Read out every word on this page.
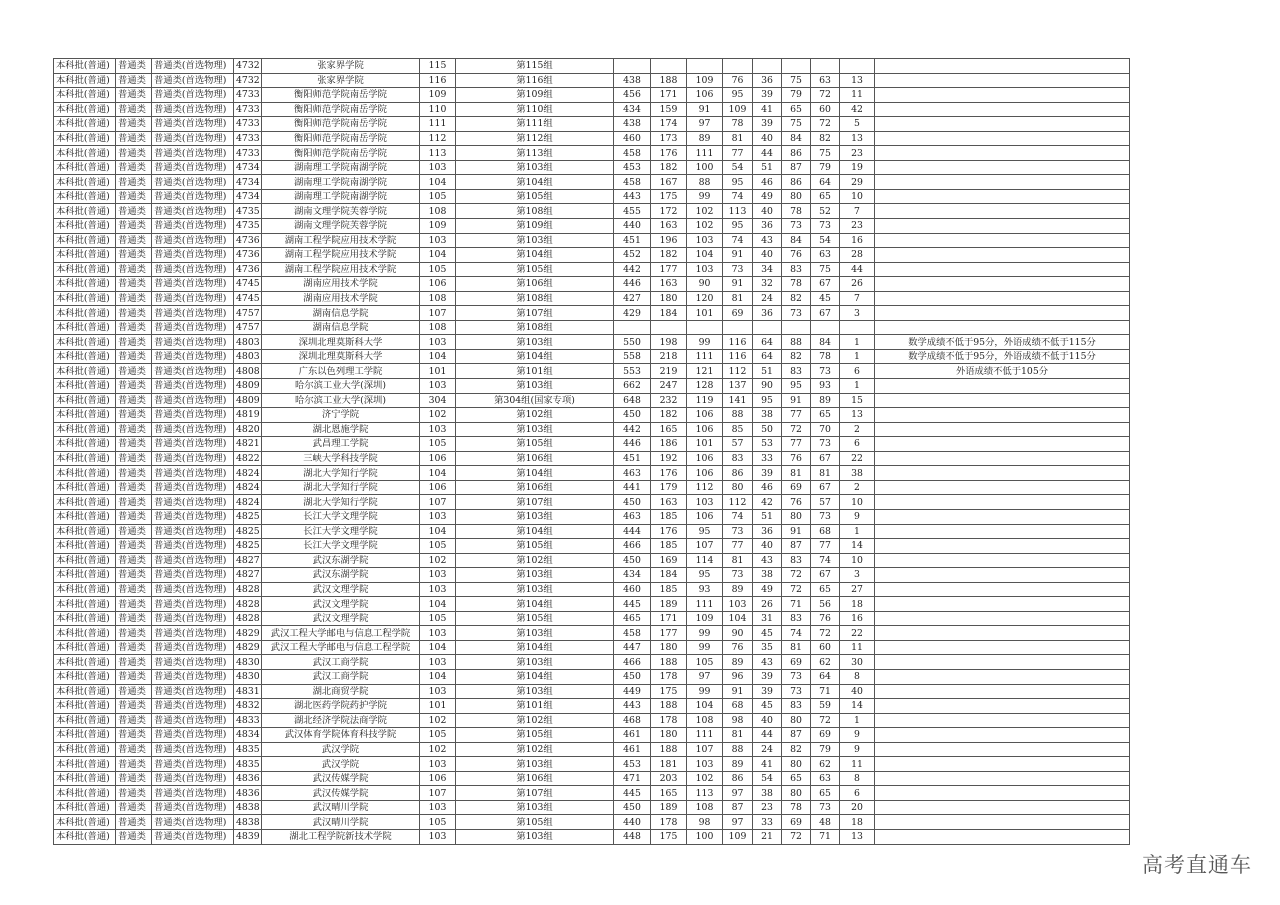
本科批(普通)	普通类	普通类(首选物理)	4732	张家界学院	115	第115组									
本科批(普通)	普通类	普通类(首选物理)	4732	张家界学院	116	第116组	438	188	109	76	36	75	63	13	
本科批(普通)	普通类	普通类(首选物理)	4733	衡阳师范学院南岳学院	109	第109组	456	171	106	95	39	79	72	11	
本科批(普通)	普通类	普通类(首选物理)	4733	衡阳师范学院南岳学院	110	第110组	434	159	91	109	41	65	60	42	
本科批(普通)	普通类	普通类(首选物理)	4733	衡阳师范学院南岳学院	111	第111组	438	174	97	78	39	75	72	5	
本科批(普通)	普通类	普通类(首选物理)	4733	衡阳师范学院南岳学院	112	第112组	460	173	89	81	40	84	82	13	
本科批(普通)	普通类	普通类(首选物理)	4733	衡阳师范学院南岳学院	113	第113组	458	176	111	77	44	86	75	23	
本科批(普通)	普通类	普通类(首选物理)	4734	湖南理工学院南湖学院	103	第103组	453	182	100	54	51	87	79	19	
本科批(普通)	普通类	普通类(首选物理)	4734	湖南理工学院南湖学院	104	第104组	458	167	88	95	46	86	64	29	
本科批(普通)	普通类	普通类(首选物理)	4734	湖南理工学院南湖学院	105	第105组	443	175	99	74	49	80	65	10	
本科批(普通)	普通类	普通类(首选物理)	4735	湖南文理学院芙蓉学院	108	第108组	455	172	102	113	40	78	52	7	
本科批(普通)	普通类	普通类(首选物理)	4735	湖南文理学院芙蓉学院	109	第109组	440	163	102	95	36	73	73	23	
本科批(普通)	普通类	普通类(首选物理)	4736	湖南工程学院应用技术学院	103	第103组	451	196	103	74	43	84	54	16	
本科批(普通)	普通类	普通类(首选物理)	4736	湖南工程学院应用技术学院	104	第104组	452	182	104	91	40	76	63	28	
本科批(普通)	普通类	普通类(首选物理)	4736	湖南工程学院应用技术学院	105	第105组	442	177	103	73	34	83	75	44	
本科批(普通)	普通类	普通类(首选物理)	4745	湖南应用技术学院	106	第106组	446	163	90	91	32	78	67	26	
本科批(普通)	普通类	普通类(首选物理)	4745	湖南应用技术学院	108	第108组	427	180	120	81	24	82	45	7	
本科批(普通)	普通类	普通类(首选物理)	4757	湖南信息学院	107	第107组	429	184	101	69	36	73	67	3	
本科批(普通)	普通类	普通类(首选物理)	4757	湖南信息学院	108	第108组									
本科批(普通)	普通类	普通类(首选物理)	4803	深圳北理莫斯科大学	103	第103组	550	198	99	116	64	88	84	1	数学成绩不低于95分，外语成绩不低于115分
本科批(普通)	普通类	普通类(首选物理)	4803	深圳北理莫斯科大学	104	第104组	558	218	111	116	64	82	78	1	数学成绩不低于95分，外语成绩不低于115分
本科批(普通)	普通类	普通类(首选物理)	4808	广东以色列理工学院	101	第101组	553	219	121	112	51	83	73	6	外语成绩不低于105分
本科批(普通)	普通类	普通类(首选物理)	4809	哈尔滨工业大学(深圳)	103	第103组	662	247	128	137	90	95	93	1	
本科批(普通)	普通类	普通类(首选物理)	4809	哈尔滨工业大学(深圳)	304	第304组(国家专项)	648	232	119	141	95	91	89	15	
本科批(普通)	普通类	普通类(首选物理)	4819	济宁学院	102	第102组	450	182	106	88	38	77	65	13	
本科批(普通)	普通类	普通类(首选物理)	4820	湖北恩施学院	103	第103组	442	165	106	85	50	72	70	2	
本科批(普通)	普通类	普通类(首选物理)	4821	武昌理工学院	105	第105组	446	186	101	57	53	77	73	6	
本科批(普通)	普通类	普通类(首选物理)	4822	三峡大学科技学院	106	第106组	451	192	106	83	33	76	67	22	
本科批(普通)	普通类	普通类(首选物理)	4824	湖北大学知行学院	104	第104组	463	176	106	86	39	81	81	38	
本科批(普通)	普通类	普通类(首选物理)	4824	湖北大学知行学院	106	第106组	441	179	112	80	46	69	67	2	
本科批(普通)	普通类	普通类(首选物理)	4824	湖北大学知行学院	107	第107组	450	163	103	112	42	76	57	10	
本科批(普通)	普通类	普通类(首选物理)	4825	长江大学文理学院	103	第103组	463	185	106	74	51	80	73	9	
本科批(普通)	普通类	普通类(首选物理)	4825	长江大学文理学院	104	第104组	444	176	95	73	36	91	68	1	
本科批(普通)	普通类	普通类(首选物理)	4825	长江大学文理学院	105	第105组	466	185	107	77	40	87	77	14	
本科批(普通)	普通类	普通类(首选物理)	4827	武汉东湖学院	102	第102组	450	169	114	81	43	83	74	10	
本科批(普通)	普通类	普通类(首选物理)	4827	武汉东湖学院	103	第103组	434	184	95	73	38	72	67	3	
本科批(普通)	普通类	普通类(首选物理)	4828	武汉文理学院	103	第103组	460	185	93	89	49	72	65	27	
本科批(普通)	普通类	普通类(首选物理)	4828	武汉文理学院	104	第104组	445	189	111	103	26	71	56	18	
本科批(普通)	普通类	普通类(首选物理)	4828	武汉文理学院	105	第105组	465	171	109	104	31	83	76	16	
本科批(普通)	普通类	普通类(首选物理)	4829	武汉工程大学邮电与信息工程学院	103	第103组	458	177	99	90	45	74	72	22	
本科批(普通)	普通类	普通类(首选物理)	4829	武汉工程大学邮电与信息工程学院	104	第104组	447	180	99	76	35	81	60	11	
本科批(普通)	普通类	普通类(首选物理)	4830	武汉工商学院	103	第103组	466	188	105	89	43	69	62	30	
本科批(普通)	普通类	普通类(首选物理)	4830	武汉工商学院	104	第104组	450	178	97	96	39	73	64	8	
本科批(普通)	普通类	普通类(首选物理)	4831	湖北商贸学院	103	第103组	449	175	99	91	39	73	71	40	
本科批(普通)	普通类	普通类(首选物理)	4832	湖北医药学院药护学院	101	第101组	443	188	104	68	45	83	59	14	
本科批(普通)	普通类	普通类(首选物理)	4833	湖北经济学院法商学院	102	第102组	468	178	108	98	40	80	72	1	
本科批(普通)	普通类	普通类(首选物理)	4834	武汉体育学院体育科技学院	105	第105组	461	180	111	81	44	87	69	9	
本科批(普通)	普通类	普通类(首选物理)	4835	武汉学院	102	第102组	461	188	107	88	24	82	79	9	
本科批(普通)	普通类	普通类(首选物理)	4835	武汉学院	103	第103组	453	181	103	89	41	80	62	11	
本科批(普通)	普通类	普通类(首选物理)	4836	武汉传媒学院	106	第106组	471	203	102	86	54	65	63	8	
本科批(普通)	普通类	普通类(首选物理)	4836	武汉传媒学院	107	第107组	445	165	113	97	38	80	65	6	
本科批(普通)	普通类	普通类(首选物理)	4838	武汉晴川学院	103	第103组	450	189	108	87	23	78	73	20	
本科批(普通)	普通类	普通类(首选物理)	4838	武汉晴川学院	105	第105组	440	178	98	97	33	69	48	18	
本科批(普通)	普通类	普通类(首选物理)	4839	湖北工程学院新技术学院	103	第103组	448	175	100	109	21	72	71	13	
高考直通车
